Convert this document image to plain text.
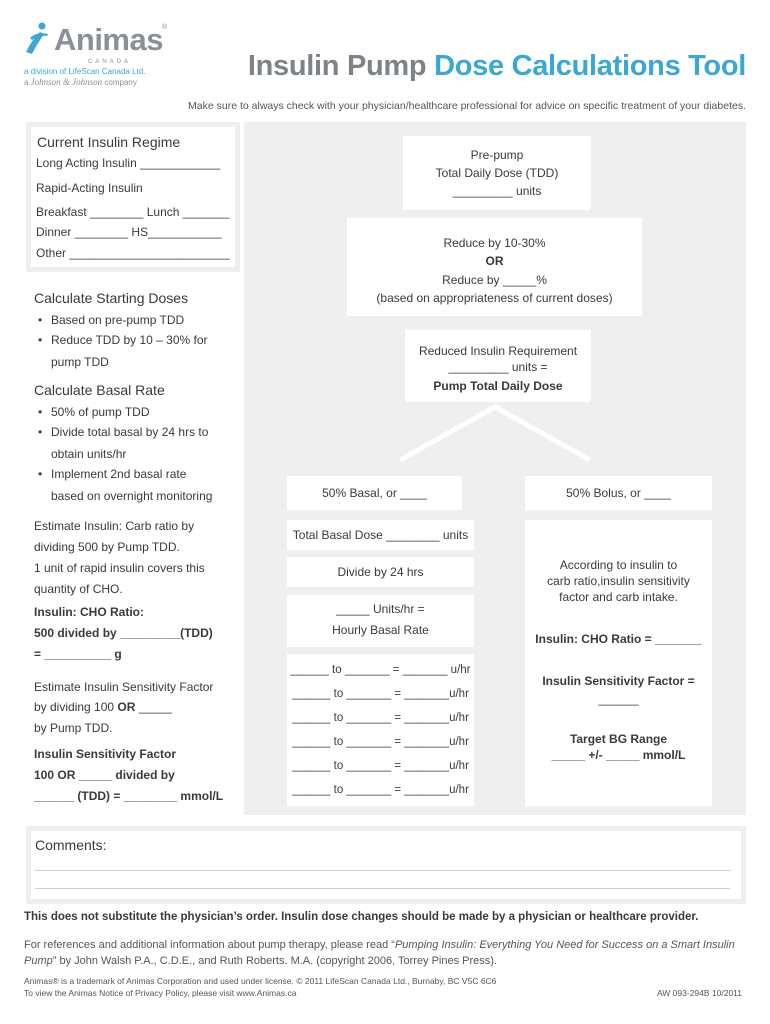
Animas ®
CANADA
a division of LifeScan Canada Ltd.
a Johnson & Johnson company
Insulin Pump Dose Calculations Tool
Make sure to always check with your physician/healthcare professional for advice on specific treatment of your diabetes.
Current Insulin Regime
Long Acting Insulin ____________
Rapid-Acting Insulin
Breakfast ________ Lunch _______
Dinner ________ HS___________
Other ________________________
Calculate Starting Doses
• Based on pre-pump TDD
• Reduce TDD by 10 – 30% for
pump TDD
Calculate Basal Rate
• 50% of pump TDD
• Divide total basal by 24 hrs to
obtain units/hr
• Implement 2nd basal rate
based on overnight monitoring
Estimate Insulin: Carb ratio by
dividing 500 by Pump TDD.
1 unit of rapid insulin covers this
quantity of CHO.
Insulin: CHO Ratio:
500 divided by _________(TDD)
= __________ g
Estimate Insulin Sensitivity Factor
by dividing 100 OR _____
by Pump TDD.
Insulin Sensitivity Factor
100 OR _____ divided by
______ (TDD) = ________ mmol/L
Pre-pump
Total Daily Dose (TDD)
_________ units
Reduce by 10-30%
OR
Reduce by _____%
(based on appropriateness of current doses)
Reduced Insulin Requirement
_________ units =
Pump Total Daily Dose
50% Basal, or ____	50% Bolus, or ____
Total Basal Dose ________ units
Divide by 24 hrs
_____ Units/hr =
Hourly Basal Rate
______ to _______ = _______ u/hr
______ to _______ = _______u/hr
______ to _______ = _______u/hr
______ to _______ = _______u/hr
______ to _______ = _______u/hr
______ to _______ = _______u/hr
According to insulin to
carb ratio,insulin sensitivity
factor and carb intake.
Insulin: CHO Ratio = _______
Insulin Sensitivity Factor =
______
Target BG Range
_____ +/- _____ mmol/L
Comments:
This does not substitute the physician’s order. Insulin dose changes should be made by a physician or healthcare provider.
For references and additional information about pump therapy, please read “Pumping Insulin: Everything You Need for Success on a Smart Insulin Pump” by John Walsh P.A., C.D.E., and Ruth Roberts. M.A. (copyright 2006, Torrey Pines Press).
Animas® is a trademark of Animas Corporation and used under license. © 2011 LifeScan Canada Ltd., Burnaby, BC V5C 6C6
To view the Animas Notice of Privacy Policy, please visit www.Animas.ca	AW 093-294B 10/2011
